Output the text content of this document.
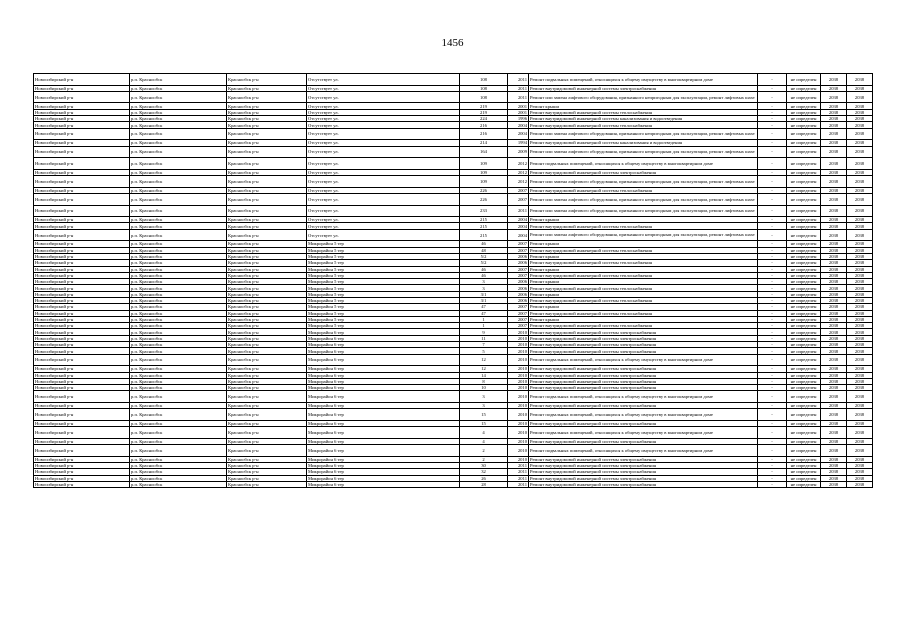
1456
Новосибирский р-н	р.п. Краснообск	Краснообск р-н	Отсутствует ул.	108	2011	Ремонт подвальных помещений, относящихся к общему имуществу в многоквартирном доме	-	не определен	2038	2038
Новосибирский р-н	р.п. Краснообск	Краснообск р-н	Отсутствует ул.	108	2011	Ремонт внутридомовой инженерной системы электроснабжения	-	не определен	2038	2038
Новосибирский р-н	р.п. Краснообск	Краснообск р-н	Отсутствует ул.	108	2011	Ремонт или замена лифтового оборудования, признанного непригодным для эксплуатации, ремонт лифтовых шахт	-	не определен	2038	2038
Новосибирский р-н	р.п. Краснообск	Краснообск р-н	Отсутствует ул.	219	2001	Ремонт крыши	-	не определен	2038	2038
Новосибирский р-н	р.п. Краснообск	Краснообск р-н	Отсутствует ул.	219	2001	Ремонт внутридомовой инженерной системы теплоснабжения	-	не определен	2038	2038
Новосибирский р-н	р.п. Краснообск	Краснообск р-н	Отсутствует ул.	224	1996	Ремонт внутридомовой инженерной системы канализования и водоотведения	-	не определен	2038	2038
Новосибирский р-н	р.п. Краснообск	Краснообск р-н	Отсутствует ул.	216	2004	Ремонт внутридомовой инженерной системы теплоснабжения	-	не определен	2038	2038
Новосибирский р-н	р.п. Краснообск	Краснообск р-н	Отсутствует ул.	216	2004	Ремонт или замена лифтового оборудования, признанного непригодным для эксплуатации, ремонт лифтовых шахт	-	не определен	2038	2038
Новосибирский р-н	р.п. Краснообск	Краснообск р-н	Отсутствует ул.	214	1994	Ремонт внутридомовой инженерной системы канализования и водоотведения	-	не определен	2038	2038
Новосибирский р-н	р.п. Краснообск	Краснообск р-н	Отсутствует ул.	164	2009	Ремонт или замена лифтового оборудования, признанного непригодным для эксплуатации, ремонт лифтовых шахт	-	не определен	2038	2038
Новосибирский р-н	р.п. Краснообск	Краснообск р-н	Отсутствует ул.	109	2012	Ремонт подвальных помещений, относящихся к общему имуществу в многоквартирном доме	-	не определен	2038	2038
Новосибирский р-н	р.п. Краснообск	Краснообск р-н	Отсутствует ул.	109	2012	Ремонт внутридомовой инженерной системы электроснабжения	-	не определен	2038	2038
Новосибирский р-н	р.п. Краснообск	Краснообск р-н	Отсутствует ул.	109	2012	Ремонт или замена лифтового оборудования, признанного непригодным для эксплуатации, ремонт лифтовых шахт	-	не определен	2038	2038
Новосибирский р-н	р.п. Краснообск	Краснообск р-н	Отсутствует ул.	226	2007	Ремонт внутридомовой инженерной системы теплоснабжения	-	не определен	2038	2038
Новосибирский р-н	р.п. Краснообск	Краснообск р-н	Отсутствует ул.	226	2007	Ремонт или замена лифтового оборудования, признанного непригодным для эксплуатации, ремонт лифтовых шахт	-	не определен	2038	2038
Новосибирский р-н	р.п. Краснообск	Краснообск р-н	Отсутствует ул.	233	2011	Ремонт или замена лифтового оборудования, признанного непригодным для эксплуатации, ремонт лифтовых шахт	-	не определен	2038	2038
Новосибирский р-н	р.п. Краснообск	Краснообск р-н	Отсутствует ул.	215	2004	Ремонт крыши	-	не определен	2038	2038
Новосибирский р-н	р.п. Краснообск	Краснообск р-н	Отсутствует ул.	215	2004	Ремонт внутридомовой инженерной системы теплоснабжения	-	не определен	2038	2038
Новосибирский р-н	р.п. Краснообск	Краснообск р-н	Отсутствует ул.	215	2004	Ремонт или замена лифтового оборудования, признанного непригодным для эксплуатации, ремонт лифтовых шахт	-	не определен	2038	2038
Новосибирский р-н	р.п. Краснообск	Краснообск р-н	Микрорайон 5 тер	46	2007	Ремонт крыши	-	не определен	2038	2038
Новосибирский р-н	р.п. Краснообск	Краснообск р-н	Микрорайон 5 тер	48	2007	Ремонт внутридомовой инженерной системы теплоснабжения	-	не определен	2038	2038
Новосибирский р-н	р.п. Краснообск	Краснообск р-н	Микрорайон 5 тер	5/2	2006	Ремонт крыши	-	не определен	2038	2038
Новосибирский р-н	р.п. Краснообск	Краснообск р-н	Микрорайон 5 тер	5/2	2006	Ремонт внутридомовой инженерной системы теплоснабжения	-	не определен	2038	2038
Новосибирский р-н	р.п. Краснообск	Краснообск р-н	Микрорайон 5 тер	46	2007	Ремонт крыши	-	не определен	2038	2038
Новосибирский р-н	р.п. Краснообск	Краснообск р-н	Микрорайон 5 тер	46	2007	Ремонт внутридомовой инженерной системы теплоснабжения	-	не определен	2038	2038
Новосибирский р-н	р.п. Краснообск	Краснообск р-н	Микрорайон 5 тер	3	2006	Ремонт крыши	-	не определен	2038	2038
Новосибирский р-н	р.п. Краснообск	Краснообск р-н	Микрорайон 5 тер	3	2006	Ремонт внутридомовой инженерной системы теплоснабжения	-	не определен	2038	2038
Новосибирский р-н	р.п. Краснообск	Краснообск р-н	Микрорайон 5 тер	3/1	2006	Ремонт крыши	-	не определен	2038	2038
Новосибирский р-н	р.п. Краснообск	Краснообск р-н	Микрорайон 5 тер	3/1	2006	Ремонт внутридомовой инженерной системы теплоснабжения	-	не определен	2038	2038
Новосибирский р-н	р.п. Краснообск	Краснообск р-н	Микрорайон 5 тер	47	2007	Ремонт крыши	-	не определен	2038	2038
Новосибирский р-н	р.п. Краснообск	Краснообск р-н	Микрорайон 5 тер	47	2007	Ремонт внутридомовой инженерной системы теплоснабжения	-	не определен	2038	2038
Новосибирский р-н	р.п. Краснообск	Краснообск р-н	Микрорайон 5 тер	1	2007	Ремонт крыши	-	не определен	2038	2038
Новосибирский р-н	р.п. Краснообск	Краснообск р-н	Микрорайон 5 тер	1	2007	Ремонт внутридомовой инженерной системы теплоснабжения	-	не определен	2038	2038
Новосибирский р-н	р.п. Краснообск	Краснообск р-н	Микрорайон 6 тер	9	2010	Ремонт внутридомовой инженерной системы электроснабжения	-	не определен	2038	2038
Новосибирский р-н	р.п. Краснообск	Краснообск р-н	Микрорайон 6 тер	11	2010	Ремонт внутридомовой инженерной системы электроснабжения	-	не определен	2038	2038
Новосибирский р-н	р.п. Краснообск	Краснообск р-н	Микрорайон 6 тер	7	2010	Ремонт внутридомовой инженерной системы электроснабжения	-	не определен	2038	2038
Новосибирский р-н	р.п. Краснообск	Краснообск р-н	Микрорайон 6 тер	5	2010	Ремонт внутридомовой инженерной системы электроснабжения	-	не определен	2038	2038
Новосибирский р-н	р.п. Краснообск	Краснообск р-н	Микрорайон 6 тер	12	2010	Ремонт подвальных помещений, относящихся к общему имуществу в многоквартирном доме	-	не определен	2038	2038
Новосибирский р-н	р.п. Краснообск	Краснообск р-н	Микрорайон 6 тер	12	2010	Ремонт внутридомовой инженерной системы электроснабжения	-	не определен	2038	2038
Новосибирский р-н	р.п. Краснообск	Краснообск р-н	Микрорайон 6 тер	14	2010	Ремонт внутридомовой инженерной системы электроснабжения	-	не определен	2038	2038
Новосибирский р-н	р.п. Краснообск	Краснообск р-н	Микрорайон 6 тер	8	2010	Ремонт внутридомовой инженерной системы электроснабжения	-	не определен	2038	2038
Новосибирский р-н	р.п. Краснообск	Краснообск р-н	Микрорайон 6 тер	10	2010	Ремонт внутридомовой инженерной системы электроснабжения	-	не определен	2038	2038
Новосибирский р-н	р.п. Краснообск	Краснообск р-н	Микрорайон 6 тер	3	2010	Ремонт подвальных помещений, относящихся к общему имуществу в многоквартирном доме	-	не определен	2038	2038
Новосибирский р-н	р.п. Краснообск	Краснообск р-н	Микрорайон 6 тер	3	2010	Ремонт внутридомовой инженерной системы электроснабжения	-	не определен	2038	2038
Новосибирский р-н	р.п. Краснообск	Краснообск р-н	Микрорайон 6 тер	15	2010	Ремонт подвальных помещений, относящихся к общему имуществу в многоквартирном доме	-	не определен	2038	2038
Новосибирский р-н	р.п. Краснообск	Краснообск р-н	Микрорайон 6 тер	15	2010	Ремонт внутридомовой инженерной системы электроснабжения	-	не определен	2038	2038
Новосибирский р-н	р.п. Краснообск	Краснообск р-н	Микрорайон 6 тер	4	2010	Ремонт подвальных помещений, относящихся к общему имуществу в многоквартирном доме	-	не определен	2038	2038
Новосибирский р-н	р.п. Краснообск	Краснообск р-н	Микрорайон 6 тер	4	2010	Ремонт внутридомовой инженерной системы электроснабжения	-	не определен	2038	2038
Новосибирский р-н	р.п. Краснообск	Краснообск р-н	Микрорайон 6 тер	2	2010	Ремонт подвальных помещений, относящихся к общему имуществу в многоквартирном доме	-	не определен	2038	2038
Новосибирский р-н	р.п. Краснообск	Краснообск р-н	Микрорайон 6 тер	2	2010	Ремонт внутридомовой инженерной системы электроснабжения	-	не определен	2038	2038
Новосибирский р-н	р.п. Краснообск	Краснообск р-н	Микрорайон 6 тер	30	2011	Ремонт внутридомовой инженерной системы электроснабжения	-	не определен	2038	2038
Новосибирский р-н	р.п. Краснообск	Краснообск р-н	Микрорайон 6 тер	32	2011	Ремонт внутридомовой инженерной системы электроснабжения	-	не определен	2038	2038
Новосибирский р-н	р.п. Краснообск	Краснообск р-н	Микрорайон 6 тер	26	2011	Ремонт внутридомовой инженерной системы электроснабжения	-	не определен	2038	2038
Новосибирский р-н	р.п. Краснообск	Краснообск р-н	Микрорайон 6 тер	28	2011	Ремонт внутридомовой инженерной системы электроснабжения	-	не определен	2038	2038
